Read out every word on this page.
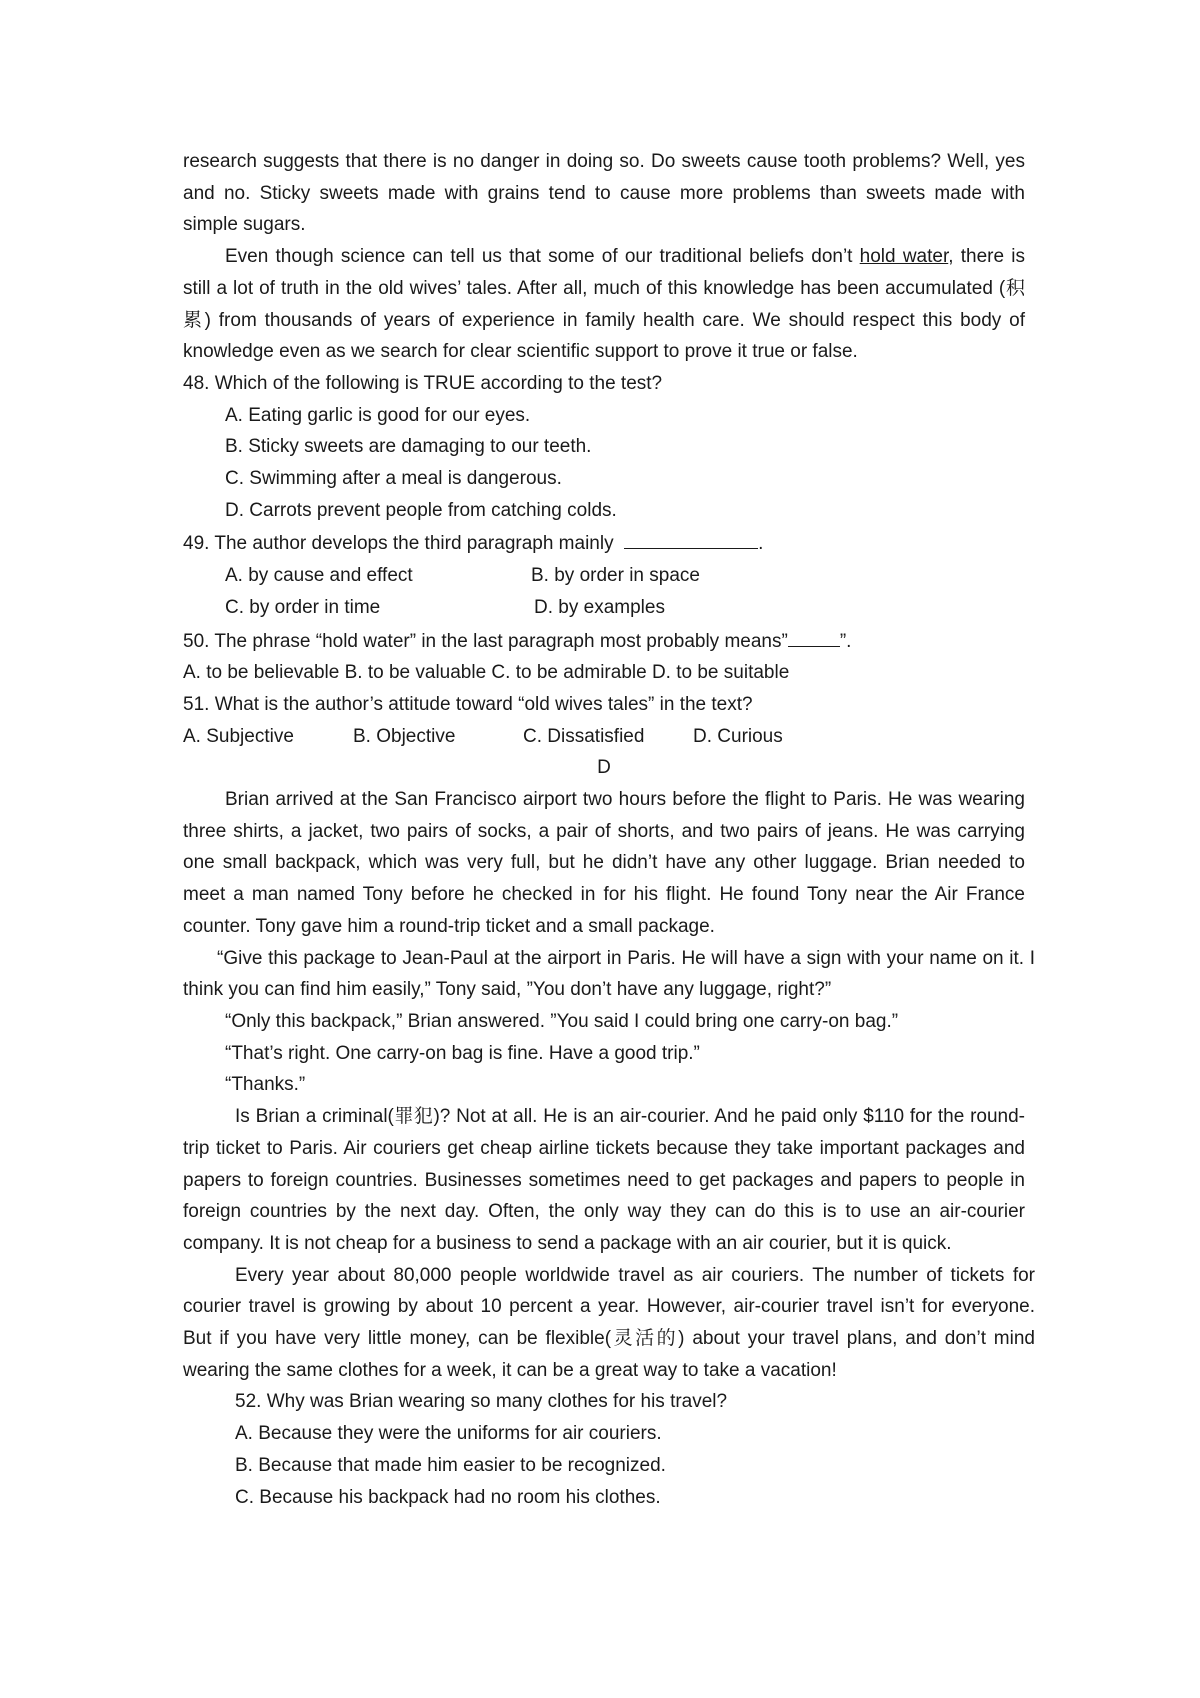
research suggests that there is no danger in doing so. Do sweets cause tooth problems? Well, yes and no. Sticky sweets made with grains tend to cause more problems than sweets made with simple sugars.

Even though science can tell us that some of our traditional beliefs don’t hold water, there is still a lot of truth in the old wives’ tales. After all, much of this knowledge has been accumulated (积累) from thousands of years of experience in family health care. We should respect this body of knowledge even as we search for clear scientific support to prove it true or false.

48. Which of the following is TRUE according to the test?

A. Eating garlic is good for our eyes.

B. Sticky sweets are damaging to our teeth.

C. Swimming after a meal is dangerous.

D. Carrots prevent people from catching colds.

49. The author develops the third paragraph mainly	.

A. by cause and effect	B. by order in space

C. by order in time	D. by examples

50. The phrase “hold water” in the last paragraph most probably means”	”.

A. to be believable B. to be valuable C. to be admirable D. to be suitable

51. What is the author’s attitude toward “old wives tales” in the text?

A. Subjective	B. Objective	C. Dissatisfied	D. Curious

D

Brian arrived at the San Francisco airport two hours before the flight to Paris. He was wearing three shirts, a jacket, two pairs of socks, a pair of shorts, and two pairs of jeans. He was carrying one small backpack, which was very full, but he didn’t have any other luggage. Brian needed to meet a man named Tony before he checked in for his flight. He found Tony near the Air France counter. Tony gave him a round-trip ticket and a small package.

“Give this package to Jean-Paul at the airport in Paris. He will have a sign with your name on it. I think you can find him easily,” Tony said, ”You don’t have any luggage, right?”

“Only this backpack,” Brian answered. ”You said I could bring one carry-on bag.”

“That’s right. One carry-on bag is fine. Have a good trip.”

“Thanks.”

Is Brian a criminal(罪犯)? Not at all. He is an air-courier. And he paid only $110 for the round-trip ticket to Paris. Air couriers get cheap airline tickets because they take important packages and papers to foreign countries. Businesses sometimes need to get packages and papers to people in foreign countries by the next day. Often, the only way they can do this is to use an air-courier company. It is not cheap for a business to send a package with an air courier, but it is quick.

Every year about 80,000 people worldwide travel as air couriers. The number of tickets for courier travel is growing by about 10 percent a year. However, air-courier travel isn’t for everyone. But if you have very little money, can be flexible(灵活的) about your travel plans, and don’t mind wearing the same clothes for a week, it can be a great way to take a vacation!

52. Why was Brian wearing so many clothes for his travel?

A. Because they were the uniforms for air couriers.

B. Because that made him easier to be recognized.

C. Because his backpack had no room his clothes.
